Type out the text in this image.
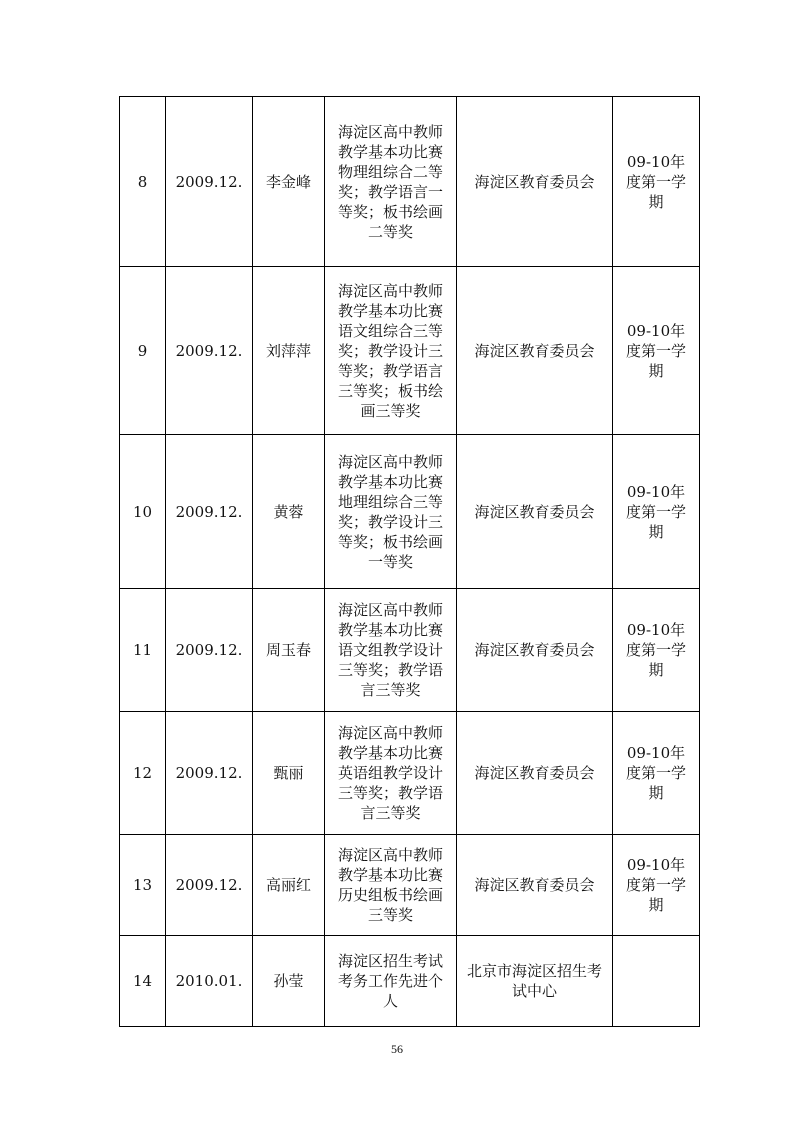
8	2009.12.	李金峰	海淀区高中教师教学基本功比赛物理组综合二等奖；教学语言一等奖；板书绘画二等奖	海淀区教育委员会	09-10年度第一学期
9	2009.12.	刘萍萍	海淀区高中教师教学基本功比赛语文组综合三等奖；教学设计三等奖；教学语言三等奖；板书绘画三等奖	海淀区教育委员会	09-10年度第一学期
10	2009.12.	黄蓉	海淀区高中教师教学基本功比赛地理组综合三等奖；教学设计三等奖；板书绘画一等奖	海淀区教育委员会	09-10年度第一学期
11	2009.12.	周玉春	海淀区高中教师教学基本功比赛语文组教学设计三等奖；教学语言三等奖	海淀区教育委员会	09-10年度第一学期
12	2009.12.	甄丽	海淀区高中教师教学基本功比赛英语组教学设计三等奖；教学语言三等奖	海淀区教育委员会	09-10年度第一学期
13	2009.12.	高丽红	海淀区高中教师教学基本功比赛历史组板书绘画三等奖	海淀区教育委员会	09-10年度第一学期
14	2010.01.	孙莹	海淀区招生考试考务工作先进个人	北京市海淀区招生考试中心	
56
